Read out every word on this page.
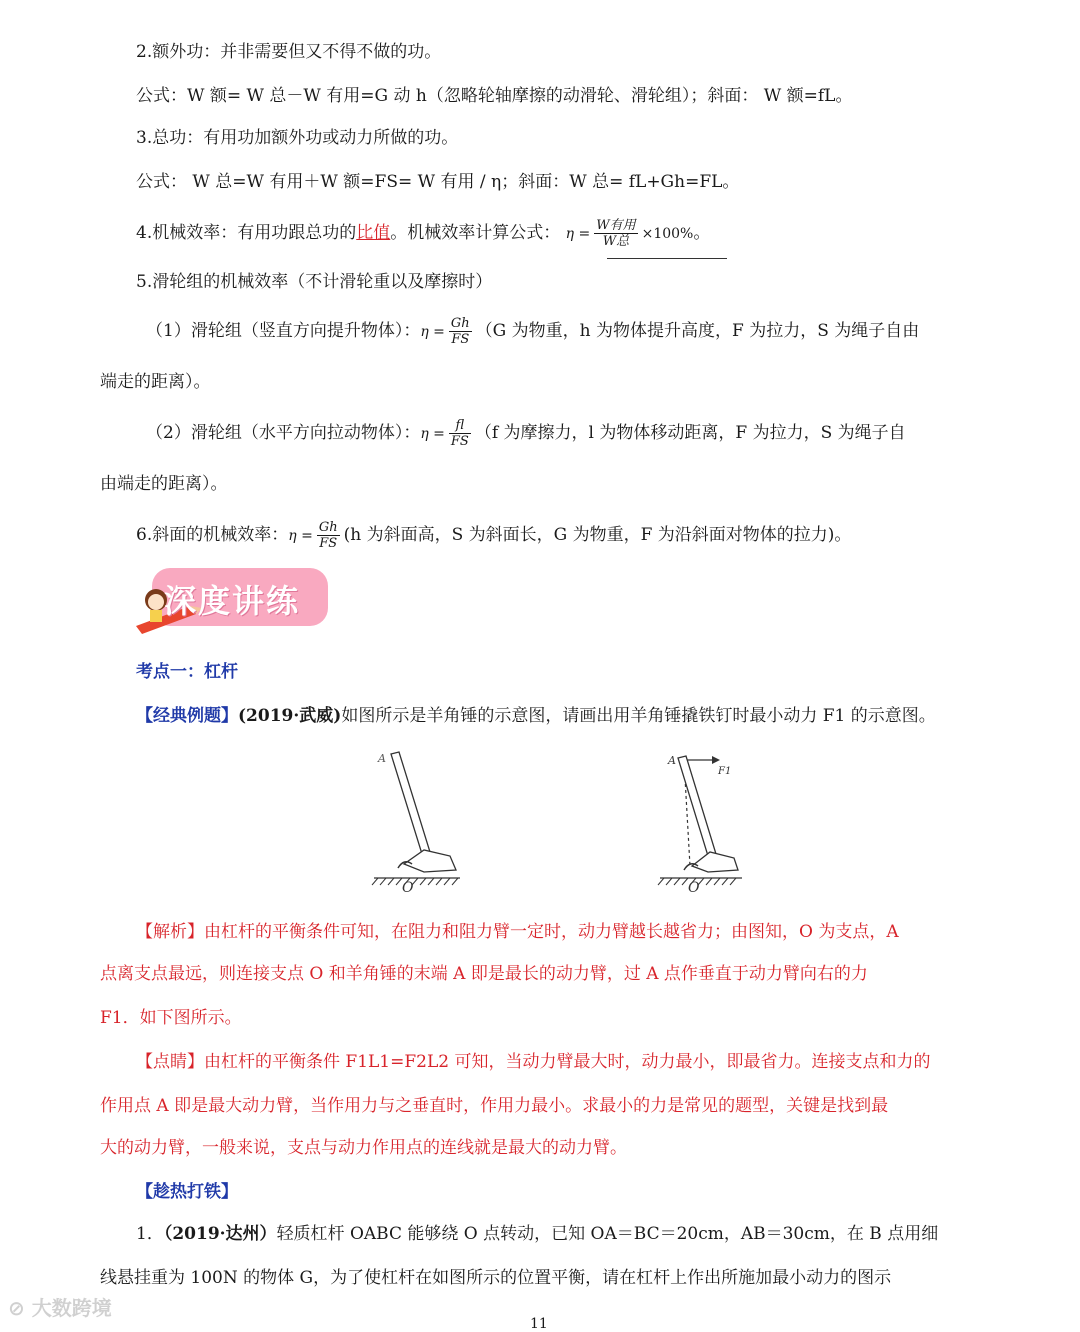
2.额外功：并非需要但又不得不做的功。
公式：W 额= W 总－W 有用=G 动 h（忽略轮轴摩擦的动滑轮、滑轮组）；斜面： W 额=fL。
3.总功：有用功加额外功或动力所做的功。
公式： W 总=W 有用＋W 额=FS= W 有用 / η；斜面：W 总= fL+Gh=FL。
4.机械效率：有用功跟总功的比值。机械效率计算公式： $\eta = \frac{\text{W有用}}{\text{W总}} \times 100\%$。
5.滑轮组的机械效率（不计滑轮重以及摩擦时）
（1）滑轮组（竖直方向提升物体）：$\eta = \frac{Gh}{FS} (G$ 为物重，h 为物体提升高度，F 为拉力，S 为绳子自由
端走的距离）。
（2）滑轮组（水平方向拉动物体）：$\eta = \frac{fl}{FS} (f$ 为摩擦力，l 为物体移动距离，F 为拉力，S 为绳子自
由端走的距离）。
6.斜面的机械效率：$\eta = \frac{Gh}{FS} (h$ 为斜面高，S 为斜面长，G 为物重，F 为沿斜面对物体的拉力)。
深度讲练
考点一：杠杆
【经典例题】(2019·武威)如图所示是羊角锤的示意图，请画出用羊角锤撬铁钉时最小动力 F1 的示意图。
A
O
A
F1
O
【解析】由杠杆的平衡条件可知，在阻力和阻力臂一定时，动力臂越长越省力；由图知，O 为支点，A
点离支点最远，则连接支点 O 和羊角锤的末端 A 即是最长的动力臂，过 A 点作垂直于动力臂向右的力
F1．如下图所示。
【点睛】由杠杆的平衡条件 F1L1=F2L2 可知，当动力臂最大时，动力最小，即最省力。连接支点和力的
作用点 A 即是最大动力臂，当作用力与之垂直时，作用力最小。求最小的力是常见的题型，关键是找到最
大的动力臂，一般来说，支点与动力作用点的连线就是最大的动力臂。
【趁热打铁】
1．（2019·达州）轻质杠杆 OABC 能够绕 O 点转动，已知 OA＝BC＝20cm，AB＝30cm，在 B 点用细
线悬挂重为 100N 的物体 G，为了使杠杆在如图所示的位置平衡，请在杠杆上作出所施加最小动力的图示
⊘ 大数跨境
11
